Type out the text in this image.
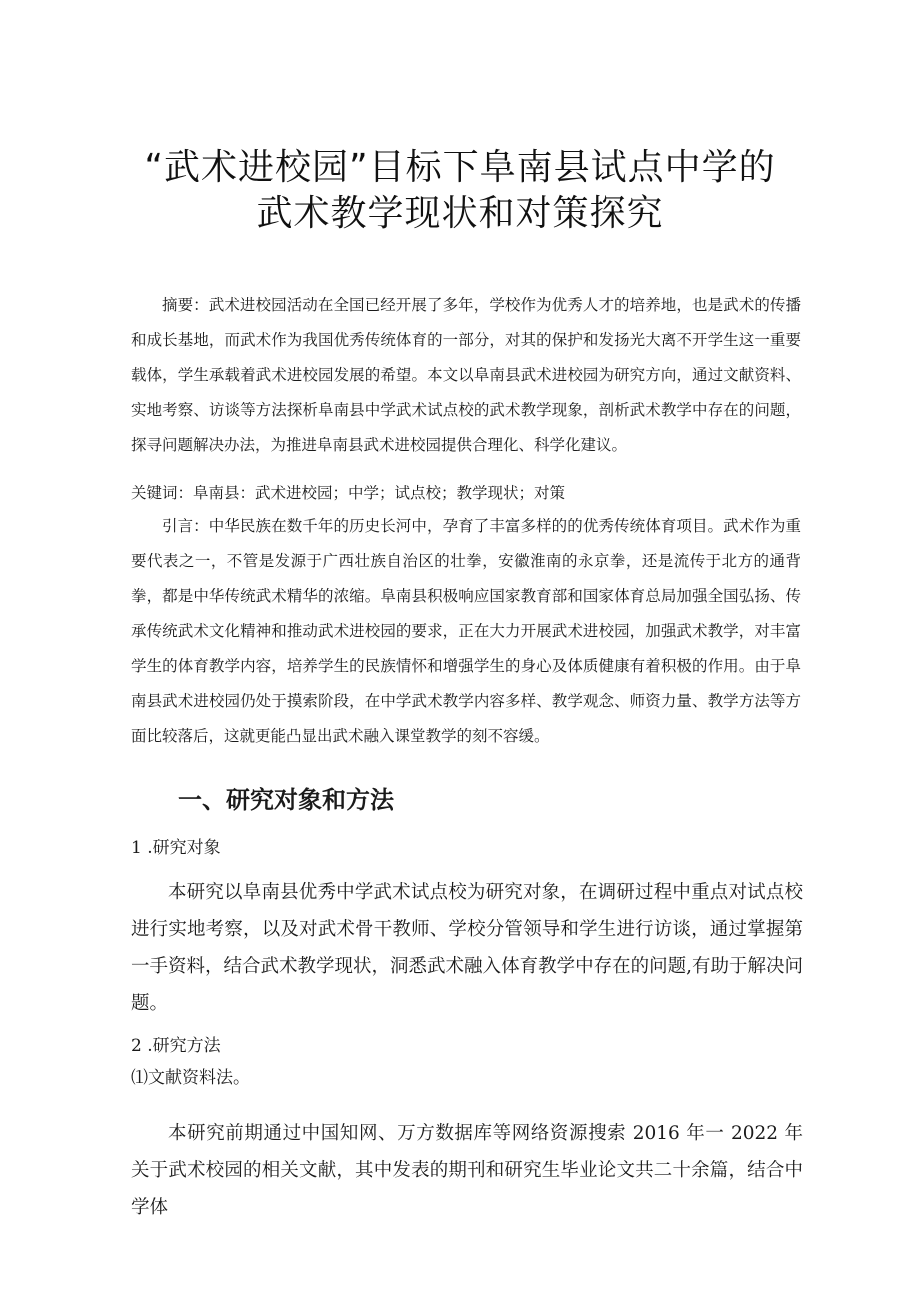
“武术进校园”目标下阜南县试点中学的
武术教学现状和对策探究

摘要：武术进校园活动在全国已经开展了多年，学校作为优秀人才的培养地，也是武术的传播和成长基地，而武术作为我国优秀传统体育的一部分，对其的保护和发扬光大离不开学生这一重要载体，学生承载着武术进校园发展的希望。本文以阜南县武术进校园为研究方向，通过文献资料、实地考察、访谈等方法探析阜南县中学武术试点校的武术教学现象，剖析武术教学中存在的问题，探寻问题解决办法，为推进阜南县武术进校园提供合理化、科学化建议。

关键词：阜南县：武术进校园；中学；试点校；教学现状；对策

引言：中华民族在数千年的历史长河中，孕育了丰富多样的的优秀传统体育项目。武术作为重要代表之一，不管是发源于广西壮族自治区的壮拳，安徽淮南的永京拳，还是流传于北方的通背拳，都是中华传统武术精华的浓缩。阜南县积极响应国家教育部和国家体育总局加强全国弘扬、传承传统武术文化精神和推动武术进校园的要求，正在大力开展武术进校园，加强武术教学，对丰富学生的体育教学内容，培养学生的民族情怀和增强学生的身心及体质健康有着积极的作用。由于阜南县武术进校园仍处于摸索阶段，在中学武术教学内容多样、教学观念、师资力量、教学方法等方面比较落后，这就更能凸显出武术融入课堂教学的刻不容缓。

一、研究对象和方法

1 .研究对象

本研究以阜南县优秀中学武术试点校为研究对象，在调研过程中重点对试点校进行实地考察，以及对武术骨干教师、学校分管领导和学生进行访谈，通过掌握第一手资料，结合武术教学现状，洞悉武术融入体育教学中存在的问题,有助于解决问题。

2 .研究方法

⑴文献资料法。

本研究前期通过中国知网、万方数据库等网络资源搜索 2016 年一 2022 年关于武术校园的相关文献，其中发表的期刊和研究生毕业论文共二十余篇，结合中学体
